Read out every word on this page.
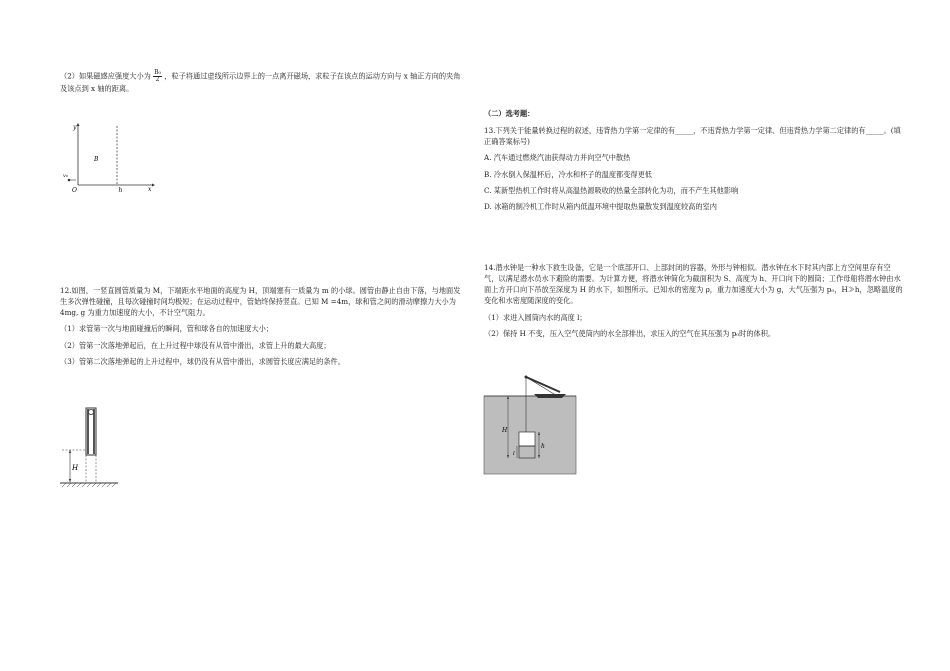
（2）如果磁感应强度大小为 $\frac{\text{B₀}}{2}$ ，粒子将通过虚线所示边界上的一点离开磁场，求粒子在该点的运动方向与 x 轴正方向的夹角及该点到 x 轴的距离。

y
x
O
B
h
v₀

12.如图，一竖直圆管质量为 M，下端距水平地面的高度为 H，顶端塞有一质量为 m 的小球。圆管由静止自由下落，与地面发生多次弹性碰撞，且每次碰撞时间均极短；在运动过程中，管始终保持竖直。已知 M =4m，球和管之间的滑动摩擦力大小为 4mg, g 为重力加速度的大小，不计空气阻力。

（1）求管第一次与地面碰撞后的瞬间，管和球各自的加速度大小；

（2）管第一次落地弹起后，在上升过程中球没有从管中滑出，求管上升的最大高度；

（3）管第二次落地弹起的上升过程中，球仍没有从管中滑出，求圆管长度应满足的条件。

H

（二）选考题：

13.下列关于能量转换过程的叙述，违背热力学第一定律的有_____，不违背热力学第一定律、但违背热力学第二定律的有_____。(填正确答案标号)

A. 汽车通过燃烧汽油获得动力并向空气中散热

B. 冷水倒入保温杯后，冷水和杯子的温度都变得更低

C. 某新型热机工作时将从高温热源吸收的热量全部转化为功，而不产生其他影响

D. 冰箱的制冷机工作时从箱内低温环境中提取热量散发到温度较高的室内

14.潜水钟是一种水下救生设备，它是一个底部开口、上部封闭的容器，外形与钟相似。潜水钟在水下时其内部上方空间里存有空气，以满足潜水员水下避险的需要。为计算方便，将潜水钟简化为截面积为 S、高度为 h、开口向下的圆筒；工作母船将潜水钟由水面上方开口向下吊放至深度为 H 的水下，如图所示。已知水的密度为 ρ，重力加速度大小为 g，大气压强为 p₀，H≫h，忽略温度的变化和水密度随深度的变化。

（1）求进入圆筒内水的高度 l；

（2）保持 H 不变，压入空气使筒内的水全部排出，求压入的空气在其压强为 p₀时的体积。

H
h
l
